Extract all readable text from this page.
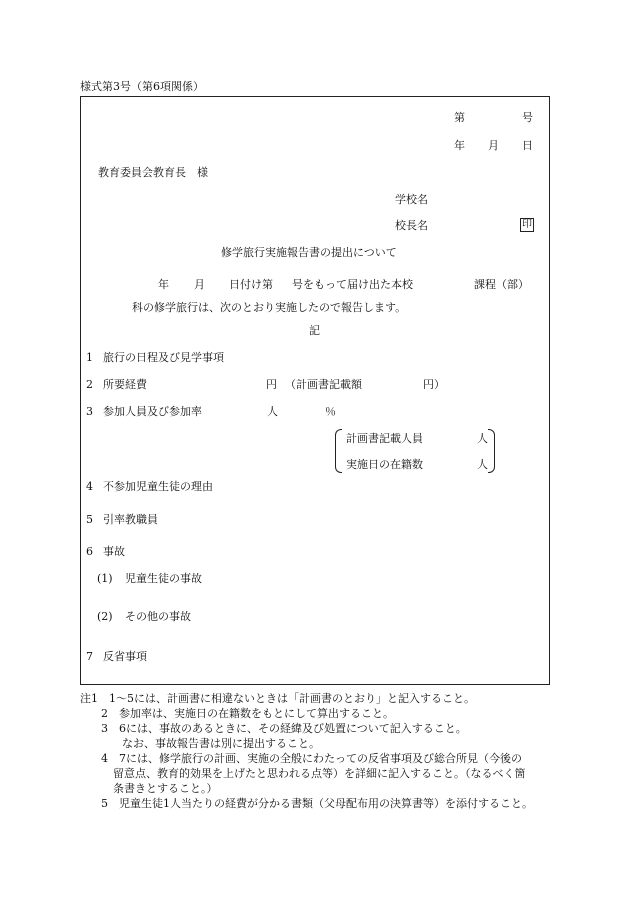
様式第3号（第6項関係）
第	号
年 月 日
教育委員会教育長　様
学校名
校長名	印
修学旅行実施報告書の提出について
年 月 日付け第 号をもって届け出た本校	課程（部）
科の修学旅行は、次のとおり実施したので報告します。
記
1 旅行の日程及び見学事項
2 所要経費	円 （計画書記載額	円）
3 参加人員及び参加率	人	％
計画書記載人員	人
実施日の在籍数	人
4 不参加児童生徒の理由
5 引率教職員
6 事故
(1) 児童生徒の事故
(2) その他の事故
7 反省事項
注1　1～5には、計画書に相違ないときは「計画書のとおり」と記入すること。
2　参加率は、実施日の在籍数をもとにして算出すること。
3　6には、事故のあるときに、その経緯及び処置について記入すること。
なお、事故報告書は別に提出すること。
4　7には、修学旅行の計画、実施の全般にわたっての反省事項及び総合所見（今後の
留意点、教育的効果を上げたと思われる点等）を詳細に記入すること。（なるべく箇
条書きとすること。）
5　児童生徒1人当たりの経費が分かる書類（父母配布用の決算書等）を添付すること。
